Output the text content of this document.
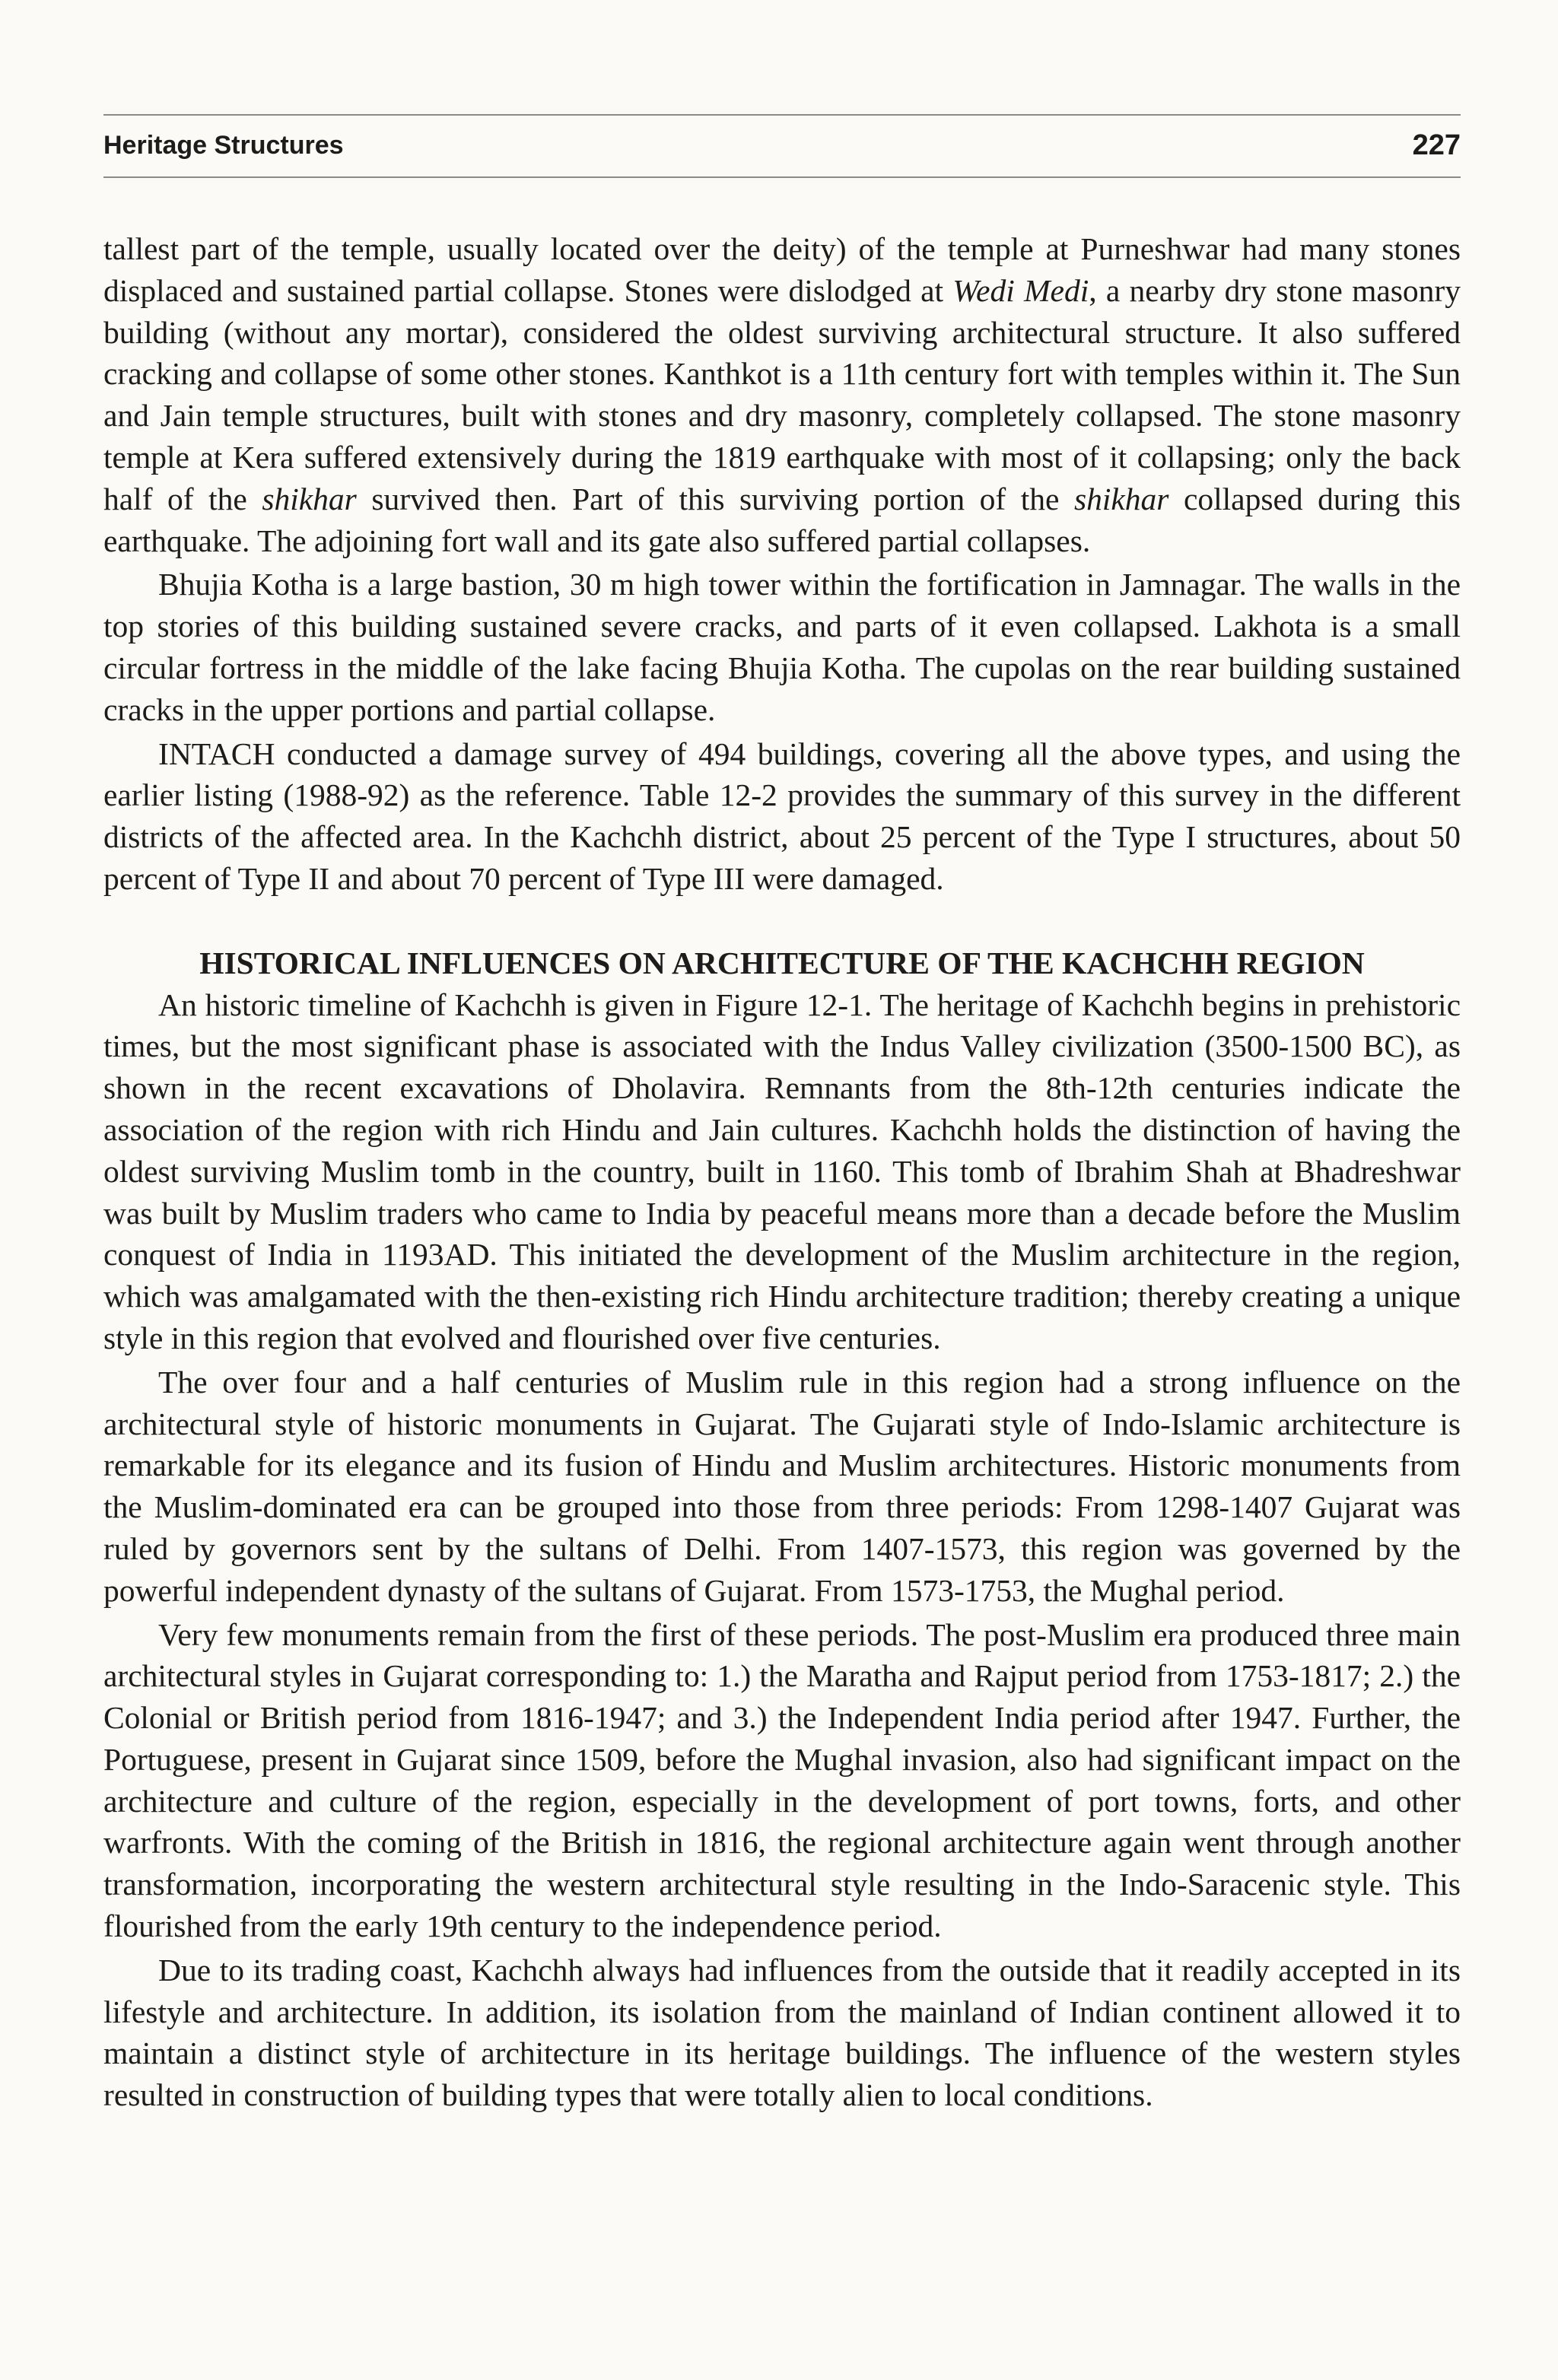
Heritage Structures	227

tallest part of the temple, usually located over the deity) of the temple at Purneshwar had many stones displaced and sustained partial collapse. Stones were dislodged at Wedi Medi, a nearby dry stone masonry building (without any mortar), considered the oldest surviving architectural structure. It also suffered cracking and collapse of some other stones. Kanthkot is a 11th century fort with temples within it. The Sun and Jain temple structures, built with stones and dry masonry, completely collapsed. The stone masonry temple at Kera suffered extensively during the 1819 earthquake with most of it collapsing; only the back half of the shikhar survived then. Part of this surviving portion of the shikhar collapsed during this earthquake. The adjoining fort wall and its gate also suffered partial collapses.

Bhujia Kotha is a large bastion, 30 m high tower within the fortification in Jamnagar. The walls in the top stories of this building sustained severe cracks, and parts of it even collapsed. Lakhota is a small circular fortress in the middle of the lake facing Bhujia Kotha. The cupolas on the rear building sustained cracks in the upper portions and partial collapse.

INTACH conducted a damage survey of 494 buildings, covering all the above types, and using the earlier listing (1988-92) as the reference. Table 12-2 provides the summary of this survey in the different districts of the affected area. In the Kachchh district, about 25 percent of the Type I structures, about 50 percent of Type II and about 70 percent of Type III were damaged.

HISTORICAL INFLUENCES ON ARCHITECTURE OF THE KACHCHH REGION

An historic timeline of Kachchh is given in Figure 12-1. The heritage of Kachchh begins in prehistoric times, but the most significant phase is associated with the Indus Valley civilization (3500-1500 BC), as shown in the recent excavations of Dholavira. Remnants from the 8th-12th centuries indicate the association of the region with rich Hindu and Jain cultures. Kachchh holds the distinction of having the oldest surviving Muslim tomb in the country, built in 1160. This tomb of Ibrahim Shah at Bhadreshwar was built by Muslim traders who came to India by peaceful means more than a decade before the Muslim conquest of India in 1193AD. This initiated the development of the Muslim architecture in the region, which was amalgamated with the then-existing rich Hindu architecture tradition; thereby creating a unique style in this region that evolved and flourished over five centuries.

The over four and a half centuries of Muslim rule in this region had a strong influence on the architectural style of historic monuments in Gujarat. The Gujarati style of Indo-Islamic architecture is remarkable for its elegance and its fusion of Hindu and Muslim architectures. Historic monuments from the Muslim-dominated era can be grouped into those from three periods: From 1298-1407 Gujarat was ruled by governors sent by the sultans of Delhi. From 1407-1573, this region was governed by the powerful independent dynasty of the sultans of Gujarat. From 1573-1753, the Mughal period.

Very few monuments remain from the first of these periods. The post-Muslim era produced three main architectural styles in Gujarat corresponding to: 1.) the Maratha and Rajput period from 1753-1817; 2.) the Colonial or British period from 1816-1947; and 3.) the Independent India period after 1947. Further, the Portuguese, present in Gujarat since 1509, before the Mughal invasion, also had significant impact on the architecture and culture of the region, especially in the development of port towns, forts, and other warfronts. With the coming of the British in 1816, the regional architecture again went through another transformation, incorporating the western architectural style resulting in the Indo-Saracenic style. This flourished from the early 19th century to the independence period.

Due to its trading coast, Kachchh always had influences from the outside that it readily accepted in its lifestyle and architecture. In addition, its isolation from the mainland of Indian continent allowed it to maintain a distinct style of architecture in its heritage buildings. The influence of the western styles resulted in construction of building types that were totally alien to local conditions.
